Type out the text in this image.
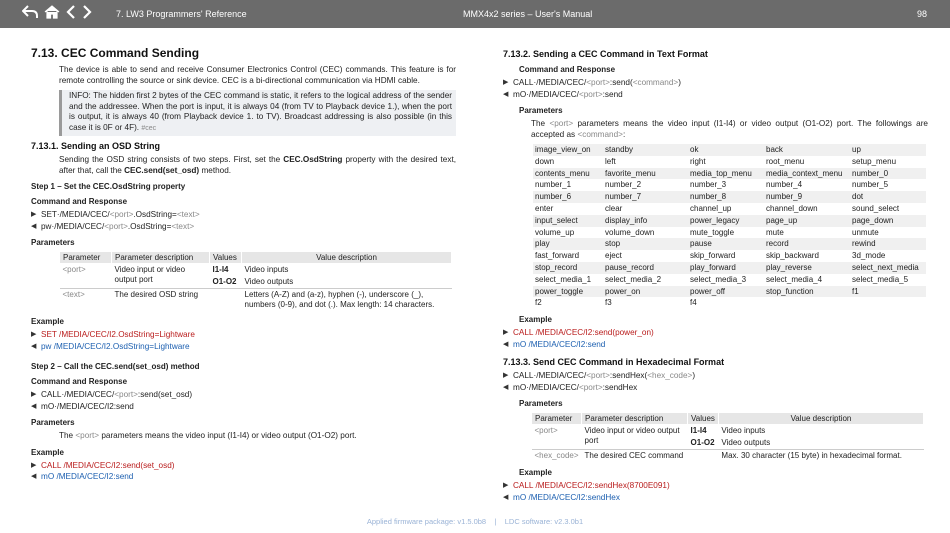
7. LW3 Programmers' Reference	MMX4x2 series – User's Manual	98
7.13. CEC Command Sending

The device is able to send and receive Consumer Electronics Control (CEC) commands. This feature is for remote controlling the source or sink device. CEC is a bi-directional communication via HDMI cable.

INFO: The hidden first 2 bytes of the CEC command is static, it refers to the logical address of the sender and the addressee. When the port is input, it is always 04 (from TV to Playback device 1.), when the port is output, it is always 40 (from Playback device 1. to TV). Broadcast addressing is also possible (in this case it is 0F or 4F). #cec
7.13.1. Sending an OSD String

Sending the OSD string consists of two steps. First, set the CEC.OsdString property with the desired text, after that, call the CEC.send(set_osd) method.

Step 1 – Set the CEC.OsdString property
Command and Response
▶ SET·/MEDIA/CEC/ <port> .OsdString= <text>
◀ pw·/MEDIA/CEC/ <port> .OsdString= <text>
Parameters
Parameter	Parameter description	Values	Value description
<port>	Video input or video output port	I1-I4	Video inputs
		O1-O2	Video outputs
<text>	The desired OSD string		Letters (A-Z) and (a-z), hyphen (-), underscore (_), numbers (0-9), and dot (.). Max length: 14 characters.
Example
▶ SET /MEDIA/CEC/I2.OsdString=Lightware
◀ pw /MEDIA/CEC/I2.OsdString=Lightware
Step 2 – Call the CEC.send(set_osd) method
Command and Response
▶ CALL·/MEDIA/CEC/ <port> :send(set_osd)
◀ mO·/MEDIA/CEC/I2:send
Parameters

The <port> parameters means the video input (I1-I4) or video output (O1-O2) port.

Example
▶ CALL /MEDIA/CEC/I2:send(set_osd)
◀ mO /MEDIA/CEC/I2:send
7.13.2. Sending a CEC Command in Text Format
Command and Response
▶ CALL·/MEDIA/CEC/ <port> :send( <command> )
◀ mO·/MEDIA/CEC/ <port> :send
Parameters

The <port> parameters means the video input (I1-I4) or video output (O1-O2) port. The followings are accepted as <command>:

image_view_on	standby	ok	back	up
down	left	right	root_menu	setup_menu
contents_menu	favorite_menu	media_top_menu	media_context_menu	number_0
number_1	number_2	number_3	number_4	number_5
number_6	number_7	number_8	number_9	dot
enter	clear	channel_up	channel_down	sound_select
input_select	display_info	power_legacy	page_up	page_down
volume_up	volume_down	mute_toggle	mute	unmute
play	stop	pause	record	rewind
fast_forward	eject	skip_forward	skip_backward	3d_mode
stop_record	pause_record	play_forward	play_reverse	select_next_media
select_media_1	select_media_2	select_media_3	select_media_4	select_media_5
power_toggle	power_on	power_off	stop_function	f1
f2	f3	f4		
Example
▶ CALL /MEDIA/CEC/I2:send(power_on)
◀ mO /MEDIA/CEC/I2:send
7.13.3. Send CEC Command in Hexadecimal Format
▶ CALL·/MEDIA/CEC/ <port> :sendHex( <hex_code> )
◀ mO·/MEDIA/CEC/ <port> :sendHex
Parameters
Parameter	Parameter description	Values	Value description
<port>	Video input or video output port	I1-I4	Video inputs
		O1-O2	Video outputs
<hex_code>	The desired CEC command		Max. 30 character (15 byte) in hexadecimal format.
Example
▶ CALL /MEDIA/CEC/I2:sendHex(8700E091)
◀ mO /MEDIA/CEC/I2:sendHex
Applied firmware package: v1.5.0b8 | LDC software: v2.3.0b1
